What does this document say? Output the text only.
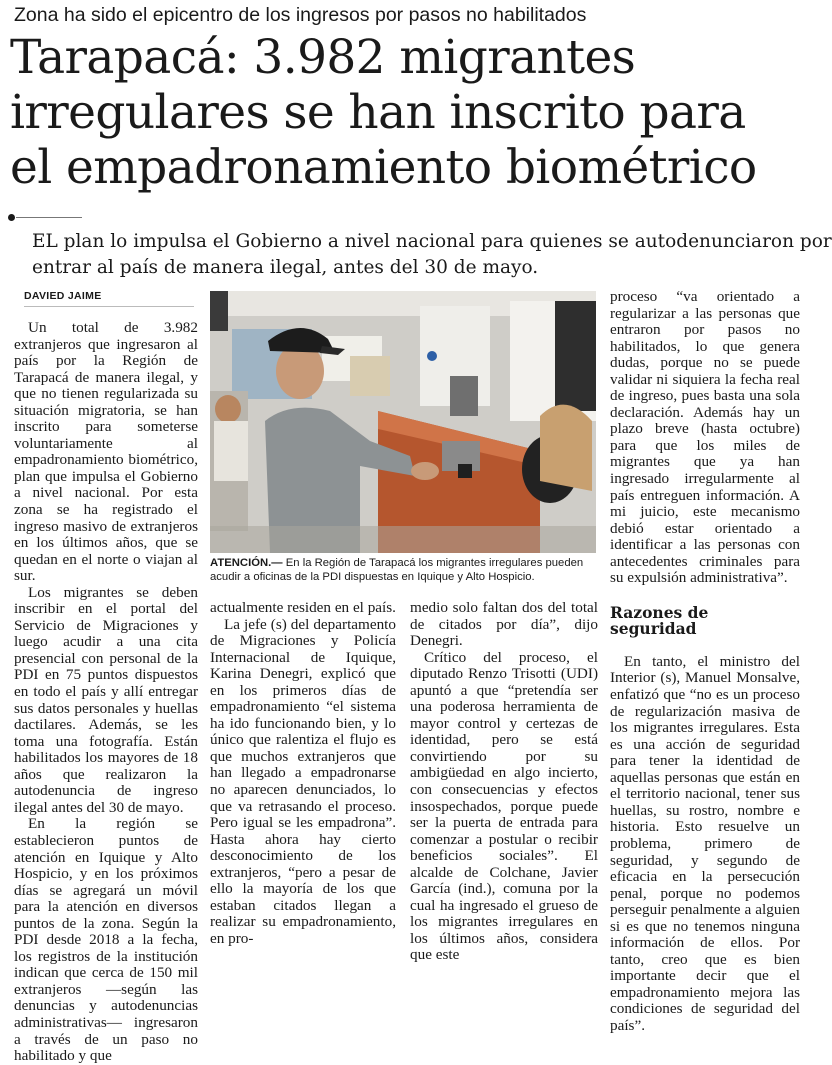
Zona ha sido el epicentro de los ingresos por pasos no habilitados
Tarapacá: 3.982 migrantes
irregulares se han inscrito para
el empadronamiento biométrico
EL plan lo impulsa el Gobierno a nivel nacional para quienes se autodenunciaron por
entrar al país de manera ilegal, antes del 30 de mayo.
DAVIED JAIME

Un total de 3.982 extranjeros que ingresaron al país por la Región de Tarapacá de manera ilegal, y que no tienen regularizada su situación migratoria, se han inscrito para someterse voluntariamente al empadronamiento biométrico, plan que impulsa el Gobierno a nivel nacional. Por esta zona se ha registrado el ingreso masivo de extranjeros en los últimos años, que se quedan en el norte o viajan al sur.

Los migrantes se deben inscribir en el portal del Servicio de Migraciones y luego acudir a una cita presencial con personal de la PDI en 75 puntos dispuestos en todo el país y allí entregar sus datos personales y huellas dactilares. Además, se les toma una fotografía. Están habilitados los mayores de 18 años que realizaron la autodenuncia de ingreso ilegal antes del 30 de mayo.

En la región se establecieron puntos de atención en Iquique y Alto Hospicio, y en los próximos días se agregará un móvil para la atención en diversos puntos de la zona. Según la PDI desde 2018 a la fecha, los registros de la institución indican que cerca de 150 mil extranjeros —según las denuncias y autodenuncias administrativas— ingresaron a través de un paso no habilitado y que

PDI
ATENCIÓN.— En la Región de Tarapacá los migrantes irregulares pueden acudir a oficinas de la PDI dispuestas en Iquique y Alto Hospicio.

actualmente residen en el país.

La jefe (s) del departamento de Migraciones y Policía Internacional de Iquique, Karina Denegri, explicó que en los primeros días de empadronamiento “el sistema ha ido funcionando bien, y lo único que ralentiza el flujo es que muchos extranjeros que han llegado a empadronarse no aparecen denunciados, lo que va retrasando el proceso. Pero igual se les empadrona”. Hasta ahora hay cierto desconocimiento de los extranjeros, “pero a pesar de ello la mayoría de los que estaban citados llegan a realizar su empadronamiento, en pro-

medio solo faltan dos del total de citados por día”, dijo Denegri.

Crítico del proceso, el diputado Renzo Trisotti (UDI) apuntó a que “pretendía ser una poderosa herramienta de mayor control y certezas de identidad, pero se está convirtiendo por su ambigüedad en algo incierto, con consecuencias y efectos insospechados, porque puede ser la puerta de entrada para comenzar a postular o recibir beneficios sociales”. El alcalde de Colchane, Javier García (ind.), comuna por la cual ha ingresado el grueso de los migrantes irregulares en los últimos años, considera que este

proceso “va orientado a regularizar a las personas que entraron por pasos no habilitados, lo que genera dudas, porque no se puede validar ni siquiera la fecha real de ingreso, pues basta una sola declaración. Además hay un plazo breve (hasta octubre) para que los miles de migrantes que ya han ingresado irregularmente al país entreguen información. A mi juicio, este mecanismo debió estar orientado a identificar a las personas con antecedentes criminales para su expulsión administrativa”.

Razones de seguridad

En tanto, el ministro del Interior (s), Manuel Monsalve, enfatizó que “no es un proceso de regularización masiva de los migrantes irregulares. Esta es una acción de seguridad para tener la identidad de aquellas personas que están en el territorio nacional, tener sus huellas, su rostro, nombre e historia. Esto resuelve un problema, primero de seguridad, y segundo de eficacia en la persecución penal, porque no podemos perseguir penalmente a alguien si es que no tenemos ninguna información de ellos. Por tanto, creo que es bien importante decir que el empadronamiento mejora las condiciones de seguridad del país”.
